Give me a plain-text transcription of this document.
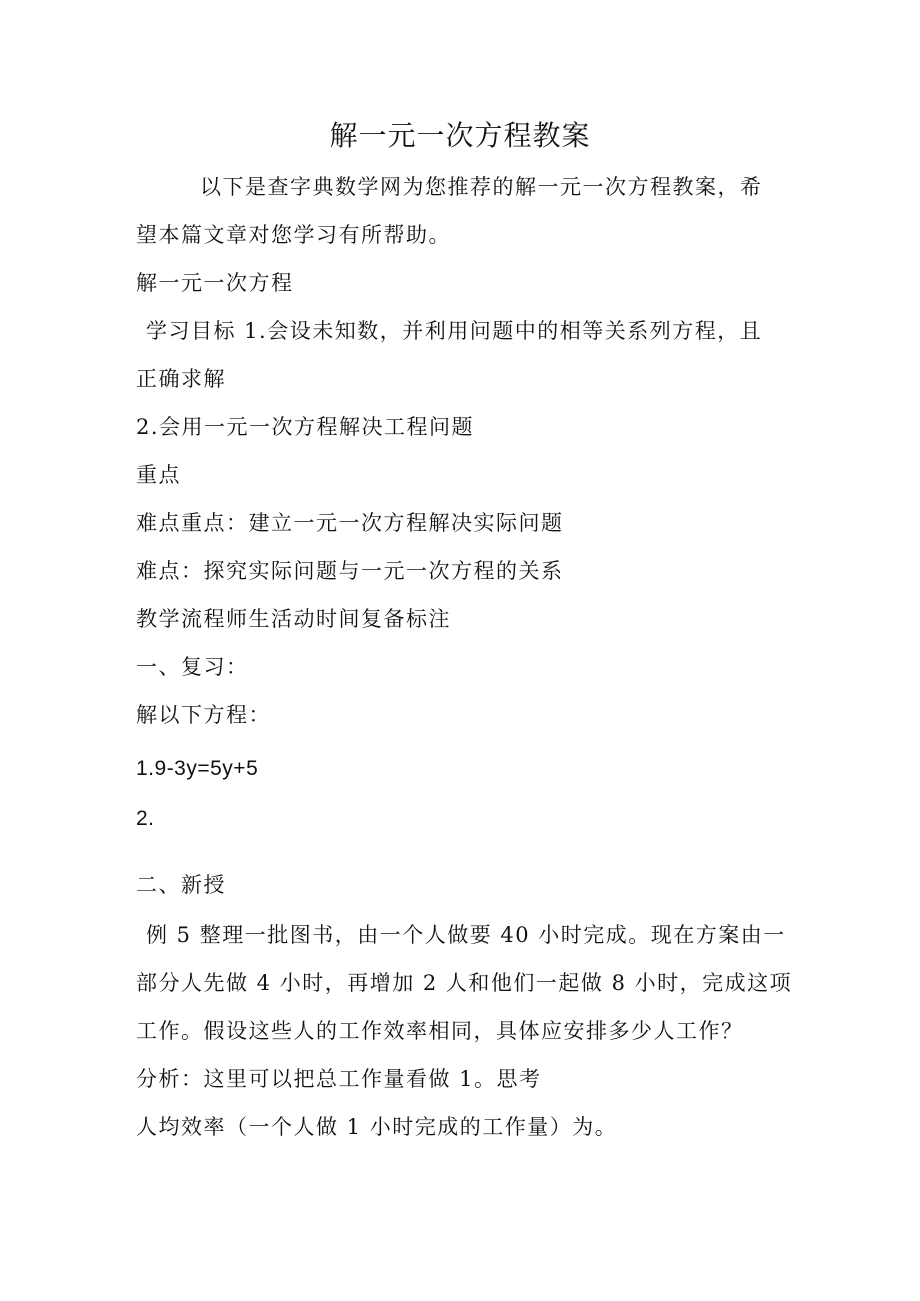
解一元一次方程教案

以下是查字典数学网为您推荐的解一元一次方程教案，希

望本篇文章对您学习有所帮助。

解一元一次方程

学习目标 1.会设未知数，并利用问题中的相等关系列方程，且

正确求解

2.会用一元一次方程解决工程问题

重点

难点重点：建立一元一次方程解决实际问题

难点：探究实际问题与一元一次方程的关系

教学流程师生活动时间复备标注

一、复习：

解以下方程：

1.9-3y=5y+5

2.

二、新授

例 5 整理一批图书，由一个人做要 40 小时完成。现在方案由一

部分人先做 4 小时，再增加 2 人和他们一起做 8 小时，完成这项

工作。假设这些人的工作效率相同，具体应安排多少人工作？

分析：这里可以把总工作量看做 1。思考

人均效率（一个人做 1 小时完成的工作量）为。
